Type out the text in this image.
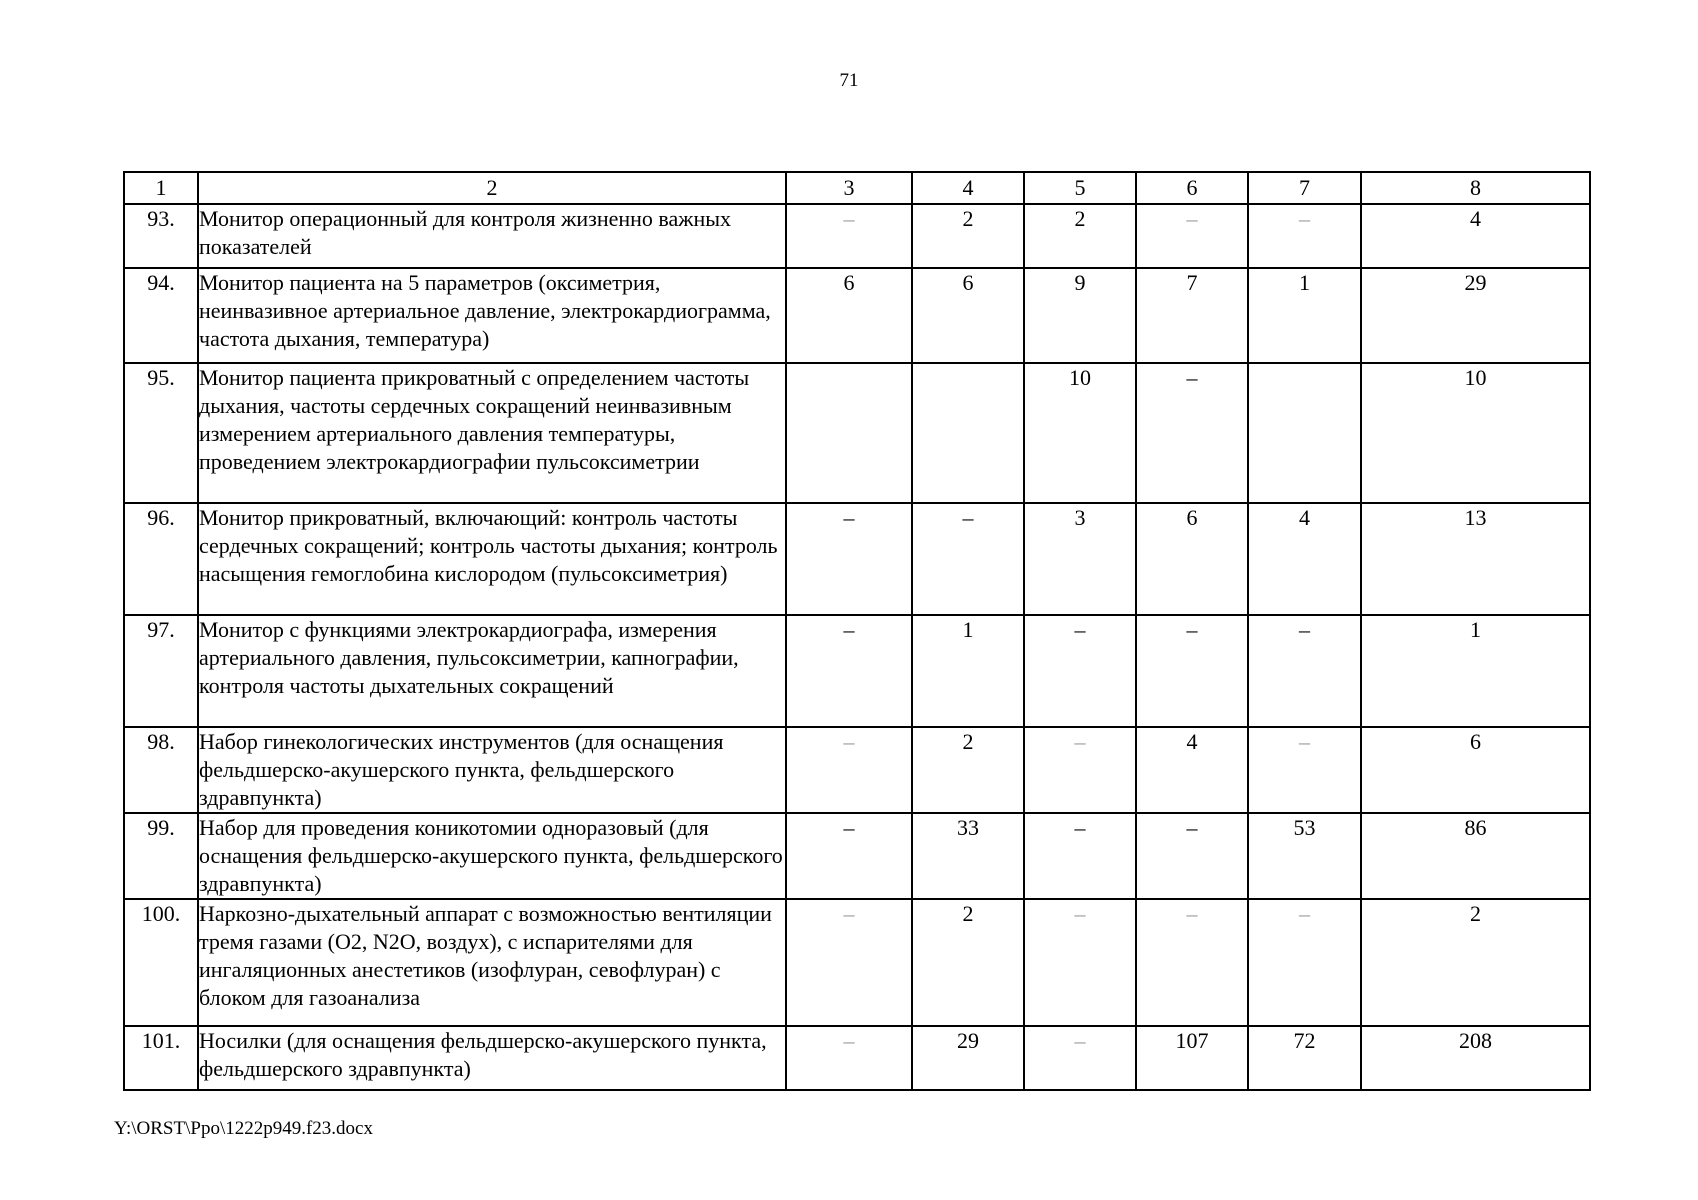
71
1	2	3	4	5	6	7	8
93.	Монитор операционный для контроля жизненно важных показателей	–	2	2	–	–	4
94.	Монитор пациента на 5 параметров (оксиметрия, неинвазивное артериальное давление, электрокардиограмма, частота дыхания, температура)	6	6	9	7	1	29
95.	Монитор пациента прикроватный с определением частоты дыхания, частоты сердечных сокращений неинвазивным измерением артериального давления температуры, проведением электрокардиографии пульсоксиметрии			10	–		10
96.	Монитор прикроватный, включающий: контроль частоты сердечных сокращений; контроль частоты дыхания; контроль насыщения гемоглобина кислородом (пульсоксиметрия)	–	–	3	6	4	13
97.	Монитор с функциями электрокардиографа, измерения артериального давления, пульсоксиметрии, капнографии, контроля частоты дыхательных сокращений	–	1	–	–	–	1
98.	Набор гинекологических инструментов (для оснащения фельдшерско-акушерского пункта, фельдшерского здравпункта)	–	2	–	4	–	6
99.	Набор для проведения коникотомии одноразовый (для оснащения фельдшерско-акушерского пункта, фельдшерского здравпункта)	–	33	–	–	53	86
100.	Наркозно-дыхательный аппарат с возможностью вентиляции тремя газами (О2, N2O, воздух), с испарителями для ингаляционных анестетиков (изофлуран, севофлуран) с блоком для газоанализа	–	2	–	–	–	2
101.	Носилки (для оснащения фельдшерско-акушерского пункта, фельдшерского здравпункта)	–	29	–	107	72	208
Y:\ORST\Ppo\1222p949.f23.docx
